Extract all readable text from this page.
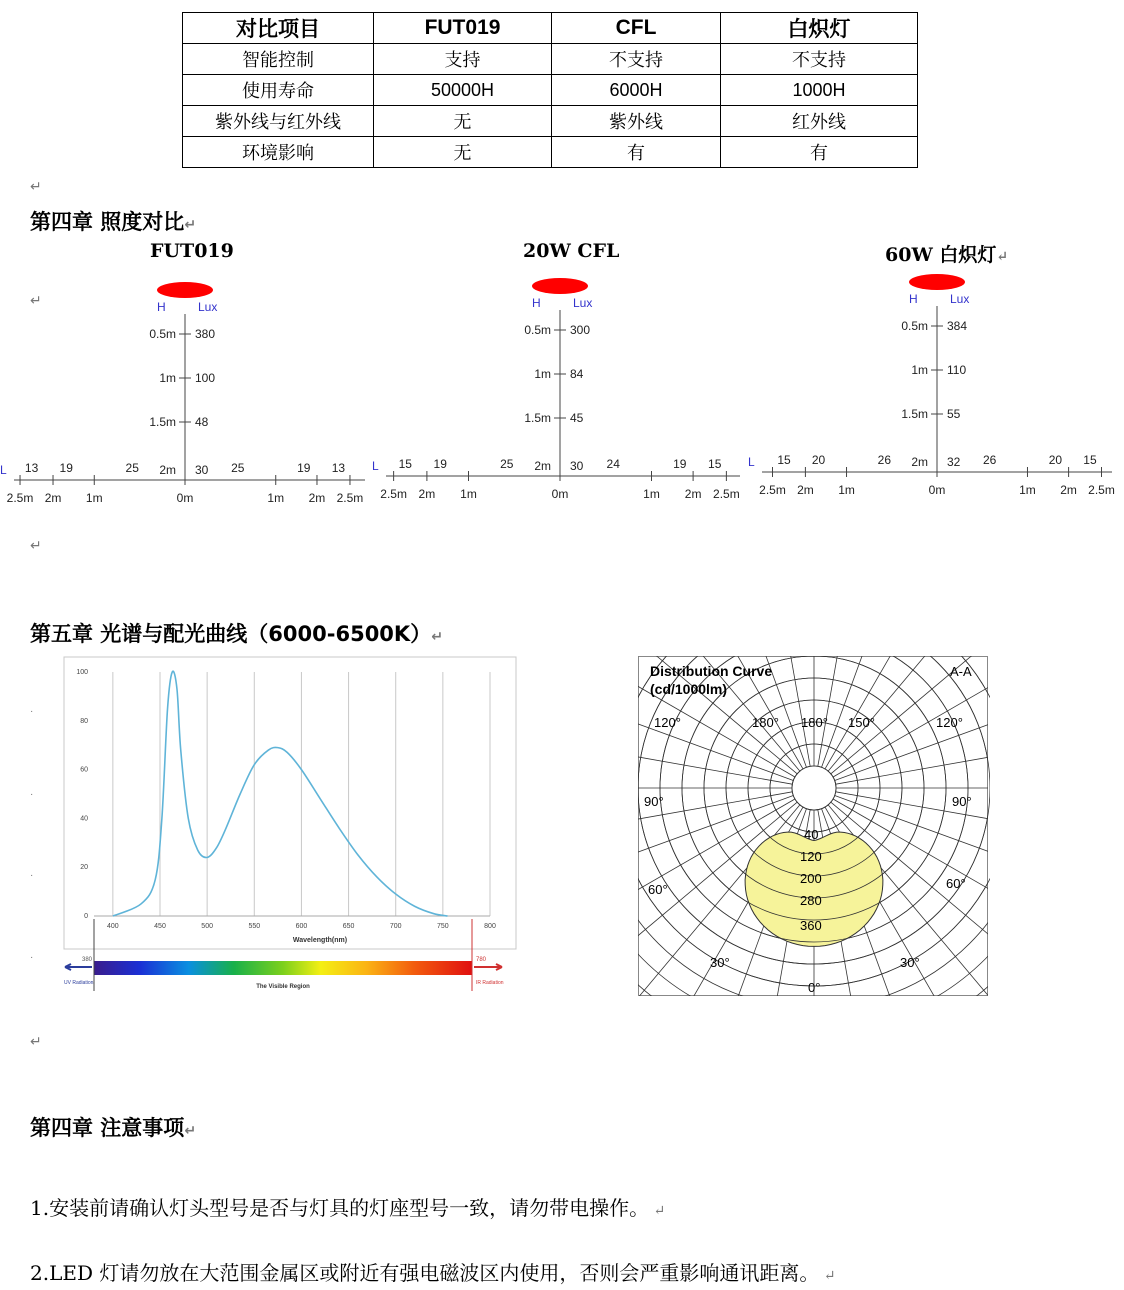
对比项目	FUT019	CFL	白炽灯
智能控制	支持	不支持	不支持
使用寿命	50000H	6000H	1000H
紫外线与红外线	无	紫外线	红外线
环境影响	无	有	有
↵
第四章 照度对比↵
FUT019	20W CFL	60W 白炽灯↵
↵	H	Lux
L
0.5m 380
1m 100
1.5m 48
2m 30
2.5m 2m 1m	0m	1m 2m 2.5m
13 19	25	25	19 13
H	Lux
L
0.5m 300
1m 84
1.5m 45
2m 30
2.5m 2m 1m	0m	1m 2m 2.5m
15 19	25	24	19 15
H	Lux
L
0.5m 384
1m 110
1.5m 55
2m 32
2.5m 2m 1m	0m	1m 2m 2.5m
15 20	26	26	20 15
↵
第五章 光谱与配光曲线（6000-6500K）↵
·
·
·
·
0
20
40
60
80
100
400	450	500	550	600	650	700	750	800
Wavelength(nm)
380	780
UV Radiation	IR Radiation
The Visible Region
Distribution Curve
(cd/1000lm)
A-A
120°	180° 180° 150°	120°
90°	90°
60°	60°
30°	30°
0°
40
120
200
280
360
↵
第四章 注意事项↵

1.安装前请确认灯头型号是否与灯具的灯座型号一致，请勿带电操作。 ↵

2.LED 灯请勿放在大范围金属区或附近有强电磁波区内使用，否则会严重影响通讯距离。 ↵
